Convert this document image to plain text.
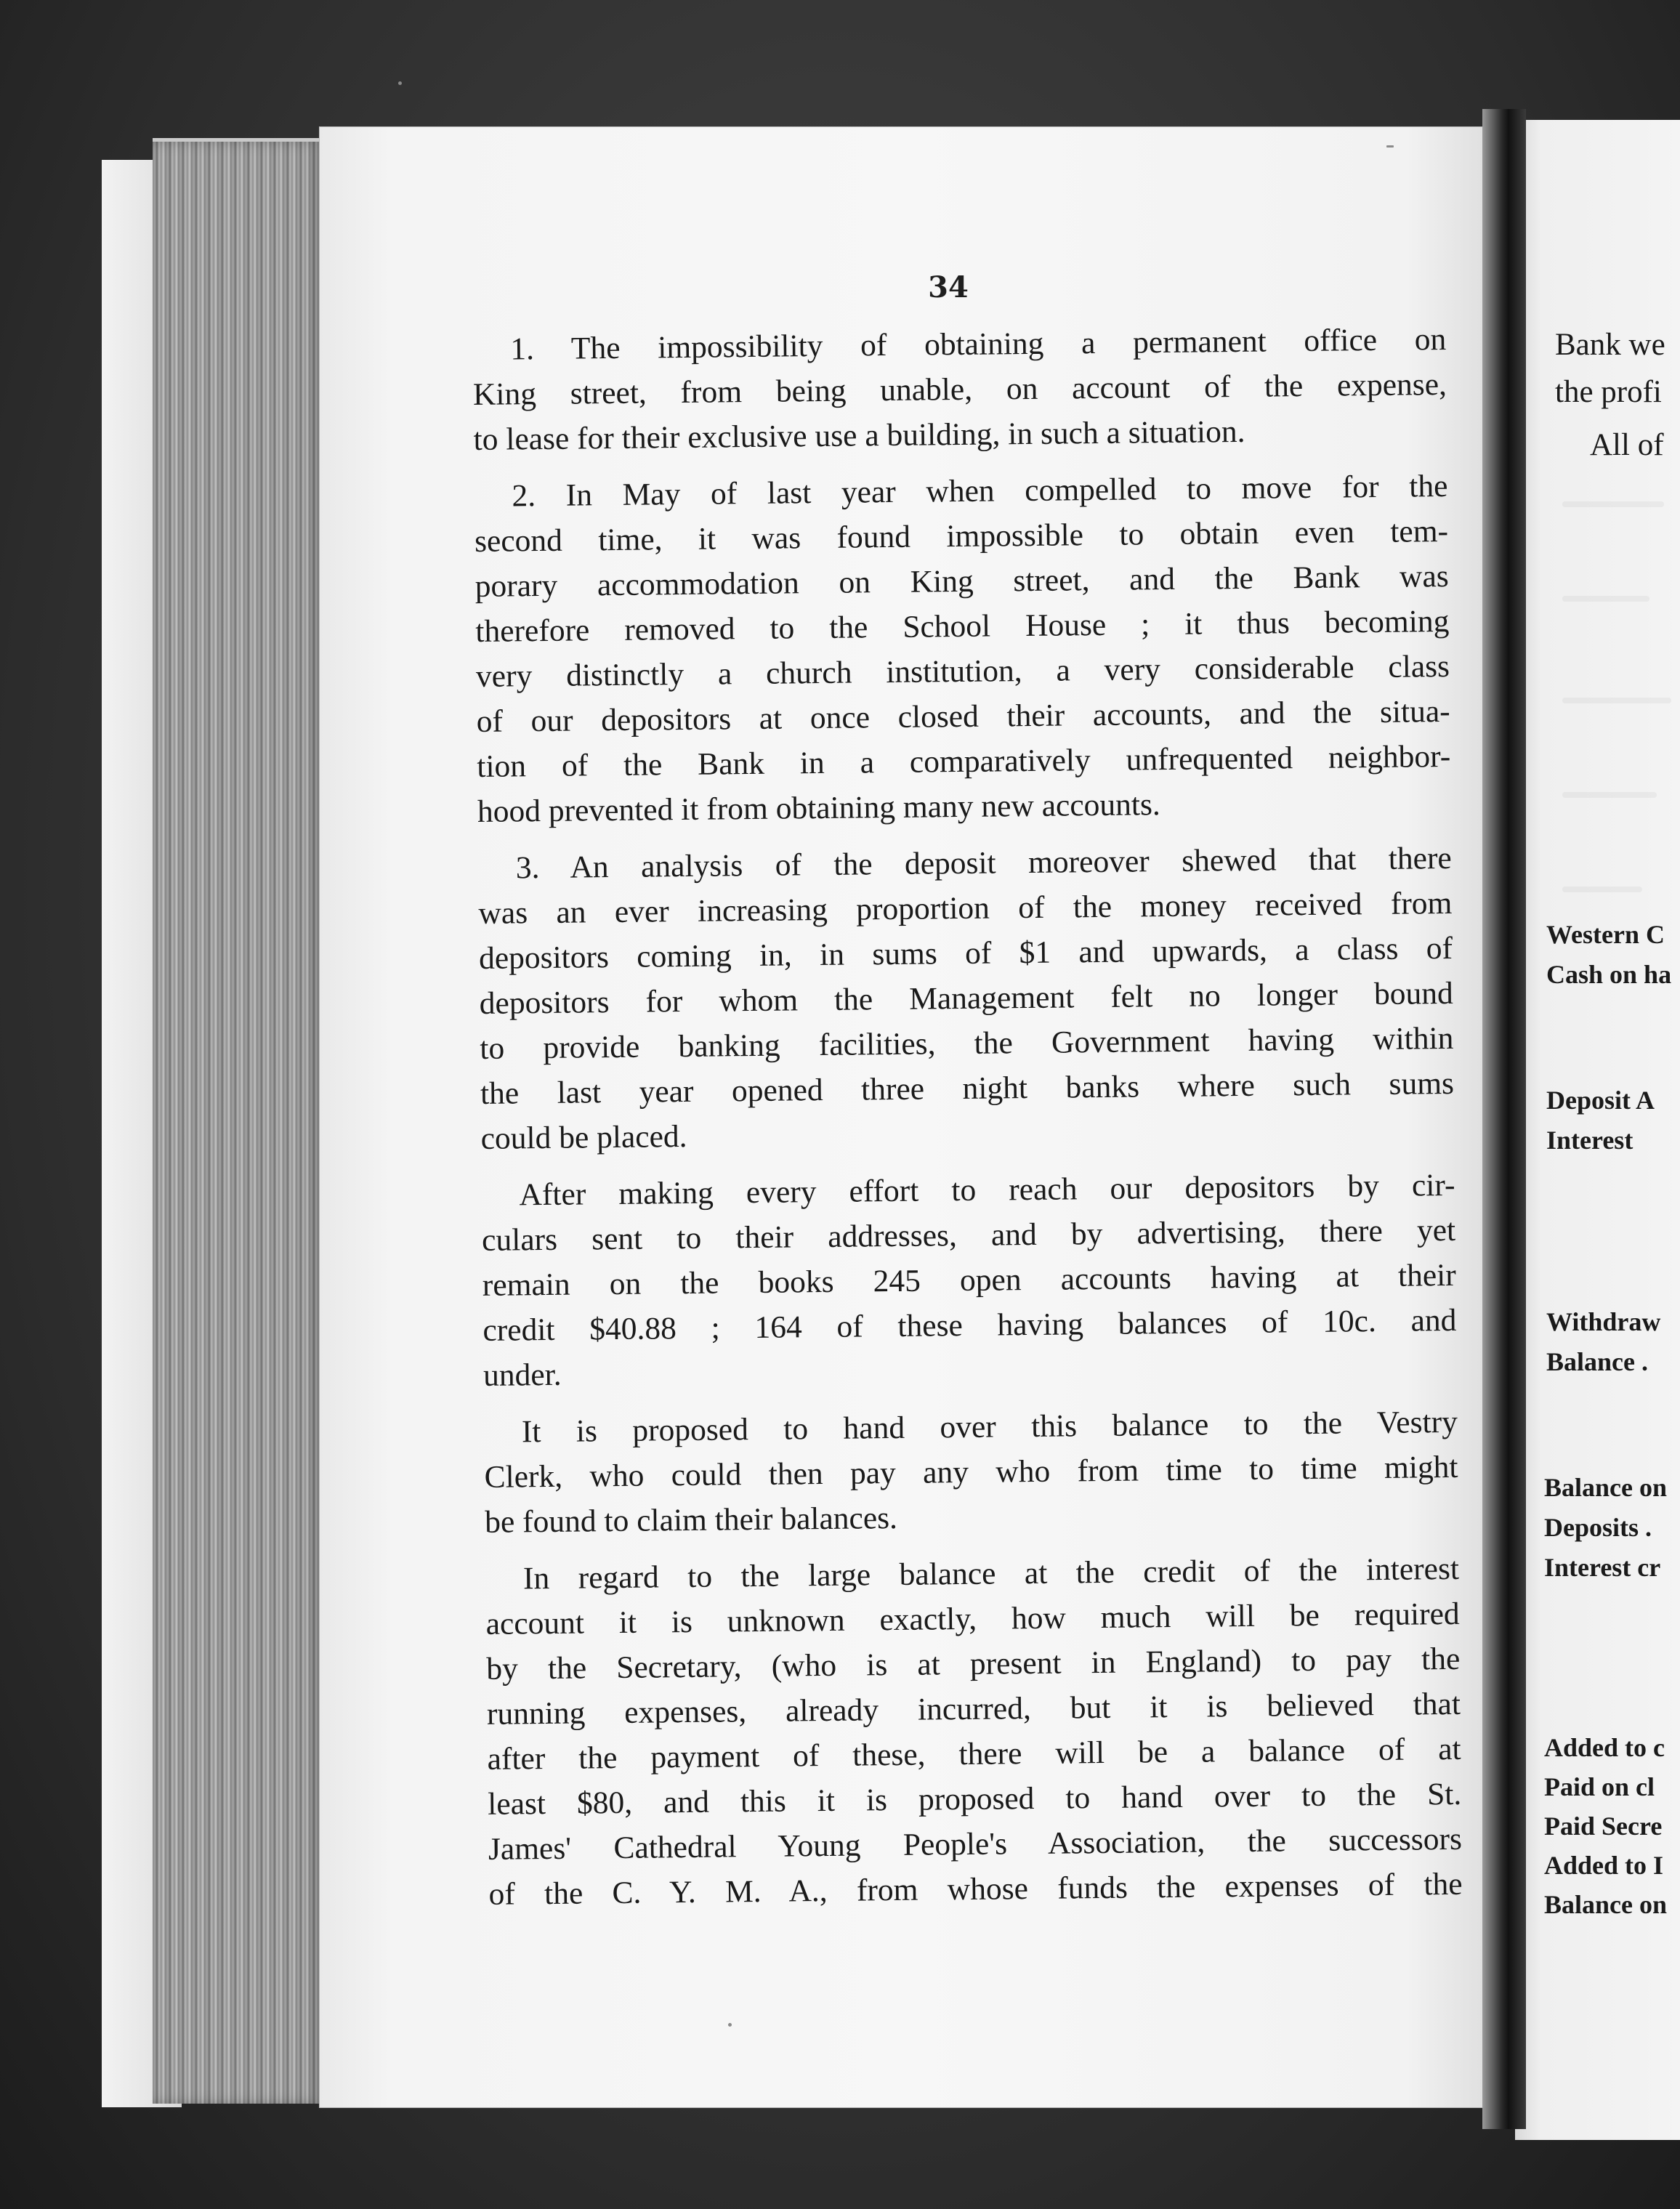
34

1. The impossibility of obtaining a permanent office on
King street, from being unable, on account of the expense,
to lease for their exclusive use a building, in such a situation.

2. In May of last year when compelled to move for the
second time, it was found impossible to obtain even tem-
porary accommodation on King street, and the Bank was
therefore removed to the School House ; it thus becoming
very distinctly a church institution, a very considerable class
of our depositors at once closed their accounts, and the situa-
tion of the Bank in a comparatively unfrequented neighbor-
hood prevented it from obtaining many new accounts.

3. An analysis of the deposit moreover shewed that there
was an ever increasing proportion of the money received from
depositors coming in, in sums of $1 and upwards, a class of
depositors for whom the Management felt no longer bound
to provide banking facilities, the Government having within
the last year opened three night banks where such sums
could be placed.

After making every effort to reach our depositors by cir-
culars sent to their addresses, and by advertising, there yet
remain on the books 245 open accounts having at their
credit $40.88 ; 164 of these having balances of 10c. and
under.

It is proposed to hand over this balance to the Vestry
Clerk, who could then pay any who from time to time might
be found to claim their balances.

In regard to the large balance at the credit of the interest
account it is unknown exactly, how much will be required
by the Secretary, (who is at present in England) to pay the
running expenses, already incurred, but it is believed that
after the payment of these, there will be a balance of at
least $80, and this it is proposed to hand over to the St.
James' Cathedral Young People's Association, the successors
of the C. Y. M. A., from whose funds the expenses of the

Bank we
the profi
All of
Western C
Cash on ha
Deposit A
Interest
Withdraw
Balance .
Balance on
Deposits .
Interest cr
Added to c
Paid on cl
Paid Secre
Added to I
Balance on
